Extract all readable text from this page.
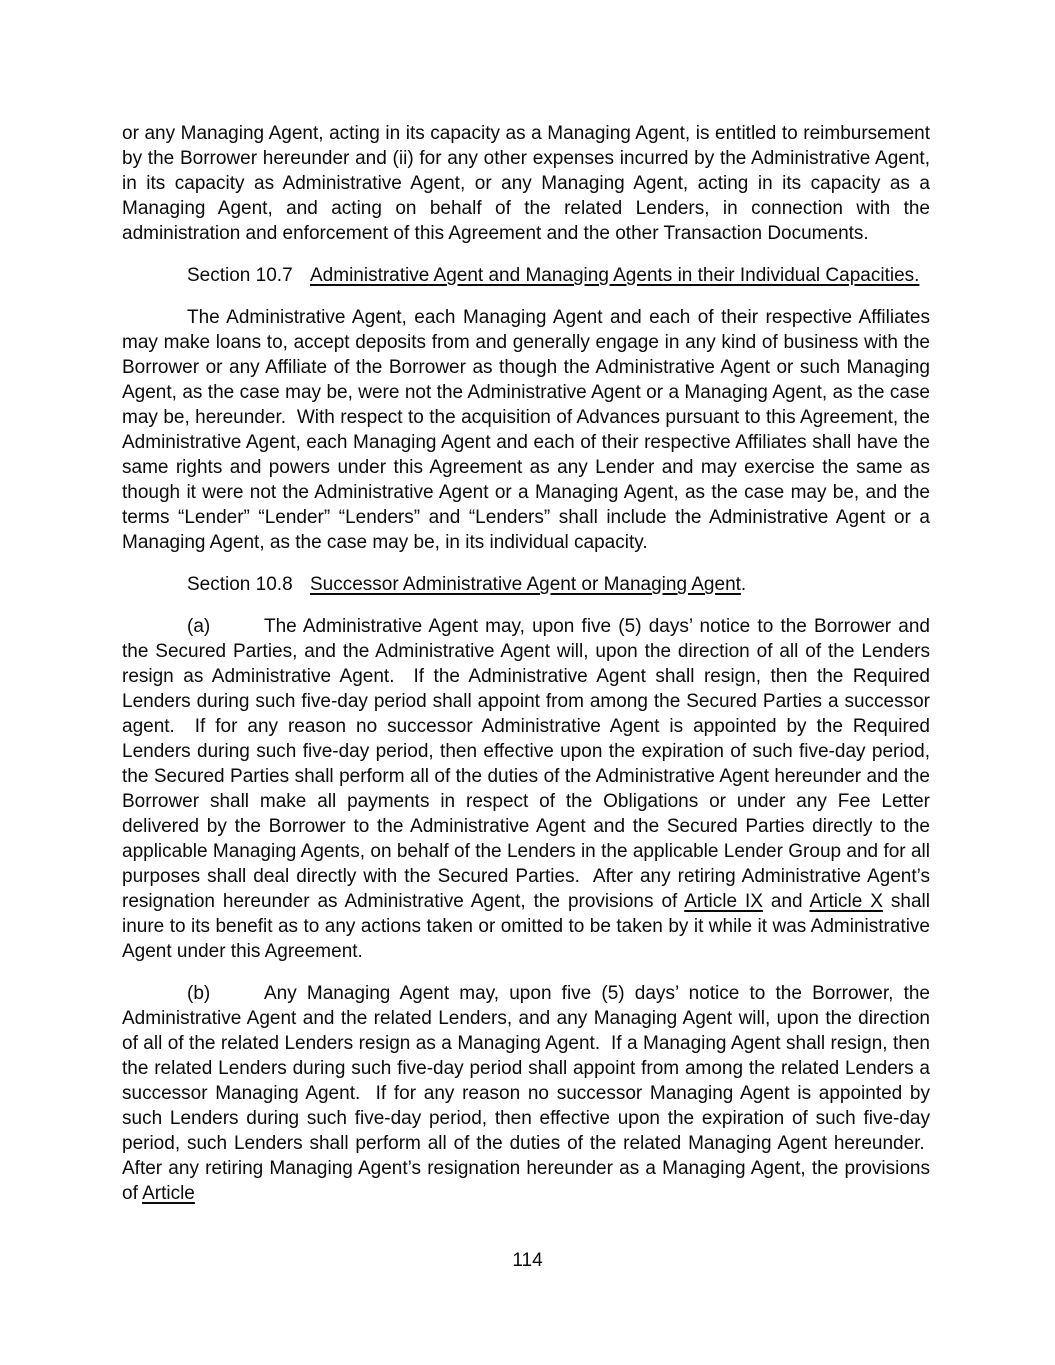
or any Managing Agent, acting in its capacity as a Managing Agent, is entitled to reimbursement by the Borrower hereunder and (ii) for any other expenses incurred by the Administrative Agent, in its capacity as Administrative Agent, or any Managing Agent, acting in its capacity as a Managing Agent, and acting on behalf of the related Lenders, in connection with the administration and enforcement of this Agreement and the other Transaction Documents.

Section 10.7 Administrative Agent and Managing Agents in their Individual Capacities.

The Administrative Agent, each Managing Agent and each of their respective Affiliates may make loans to, accept deposits from and generally engage in any kind of business with the Borrower or any Affiliate of the Borrower as though the Administrative Agent or such Managing Agent, as the case may be, were not the Administrative Agent or a Managing Agent, as the case may be, hereunder.  With respect to the acquisition of Advances pursuant to this Agreement, the Administrative Agent, each Managing Agent and each of their respective Affiliates shall have the same rights and powers under this Agreement as any Lender and may exercise the same as though it were not the Administrative Agent or a Managing Agent, as the case may be, and the terms “Lender” “Lender” “Lenders” and “Lenders” shall include the Administrative Agent or a Managing Agent, as the case may be, in its individual capacity.

Section 10.8 Successor Administrative Agent or Managing Agent.

(a)	The Administrative Agent may, upon five (5) days’ notice to the Borrower and the Secured Parties, and the Administrative Agent will, upon the direction of all of the Lenders resign as Administrative Agent.  If the Administrative Agent shall resign, then the Required Lenders during such five-day period shall appoint from among the Secured Parties a successor agent.  If for any reason no successor Administrative Agent is appointed by the Required Lenders during such five-day period, then effective upon the expiration of such five-day period, the Secured Parties shall perform all of the duties of the Administrative Agent hereunder and the Borrower shall make all payments in respect of the Obligations or under any Fee Letter delivered by the Borrower to the Administrative Agent and the Secured Parties directly to the applicable Managing Agents, on behalf of the Lenders in the applicable Lender Group and for all purposes shall deal directly with the Secured Parties.  After any retiring Administrative Agent’s resignation hereunder as Administrative Agent, the provisions of Article IX and Article X shall inure to its benefit as to any actions taken or omitted to be taken by it while it was Administrative Agent under this Agreement.

(b)	Any Managing Agent may, upon five (5) days’ notice to the Borrower, the Administrative Agent and the related Lenders, and any Managing Agent will, upon the direction of all of the related Lenders resign as a Managing Agent.  If a Managing Agent shall resign, then the related Lenders during such five-day period shall appoint from among the related Lenders a successor Managing Agent.  If for any reason no successor Managing Agent is appointed by such Lenders during such five-day period, then effective upon the expiration of such five-day period, such Lenders shall perform all of the duties of the related Managing Agent hereunder.  After any retiring Managing Agent’s resignation hereunder as a Managing Agent, the provisions of Article

114
